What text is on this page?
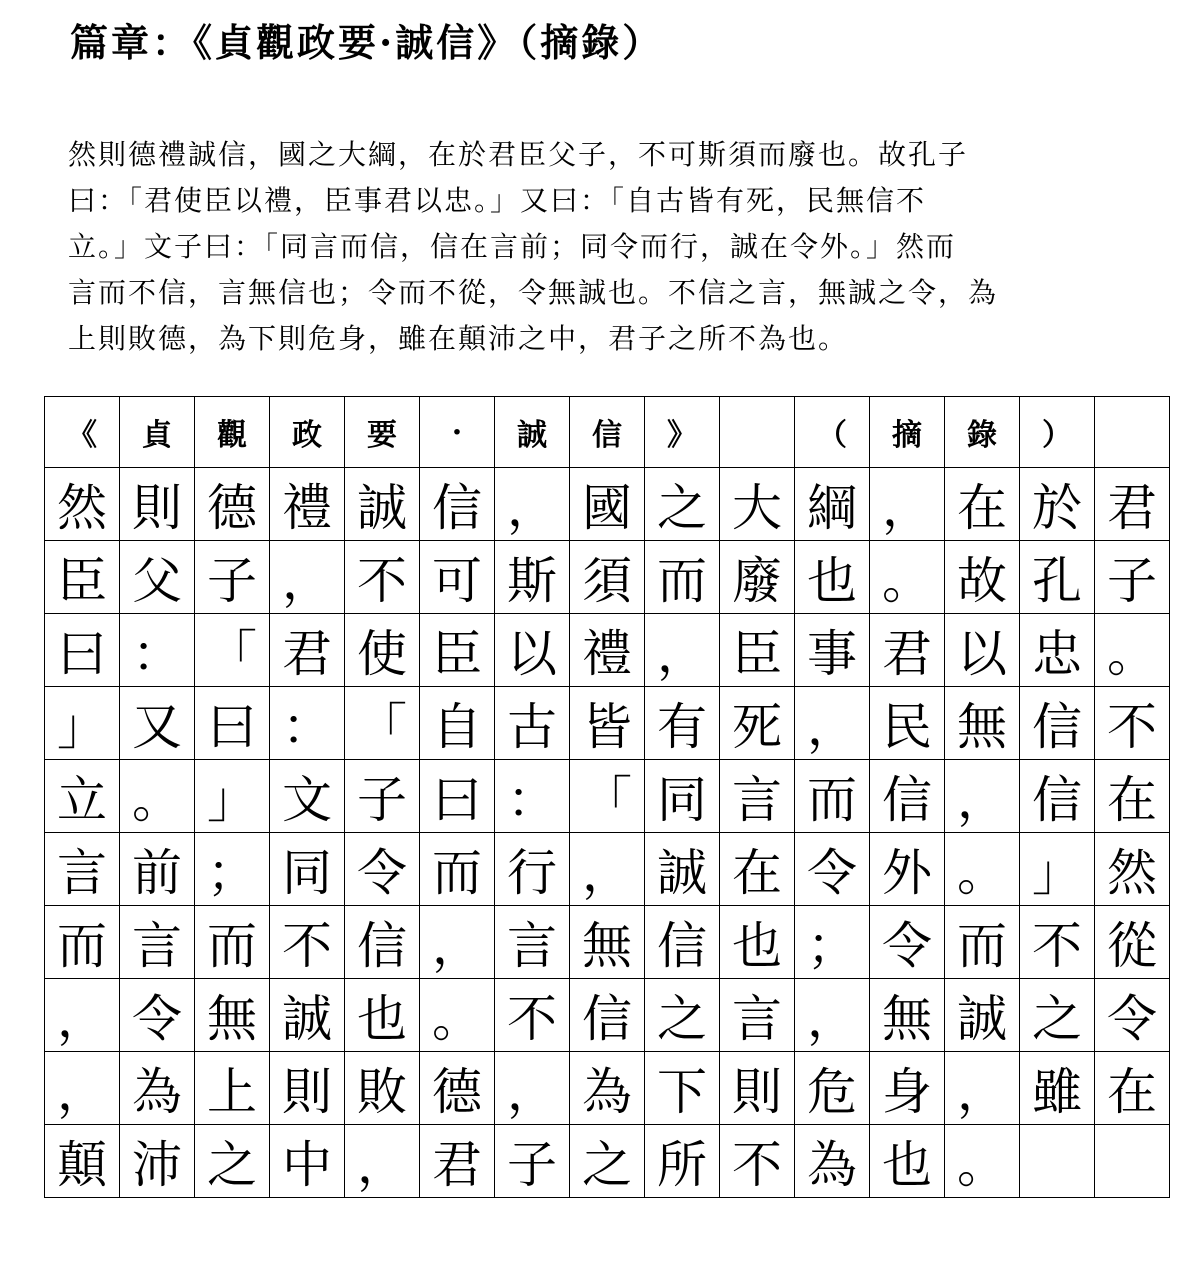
篇章：《貞觀政要·誠信》（摘錄）
然則德禮誠信，國之大綱，在於君臣父子，不可斯須而廢也。故孔子
曰：「君使臣以禮，臣事君以忠。」又曰：「自古皆有死，民無信不
立。」文子曰：「同言而信，信在言前；同令而行，誠在令外。」然而
言而不信，言無信也；令而不從，令無誠也。不信之言，無誠之令，為
上則敗德，為下則危身，雖在顛沛之中，君子之所不為也。
《	貞	觀	政	要	·	誠	信	》		（	摘	錄	）	
然	則	德	禮	誠	信	，	國	之	大	綱	，	在	於	君
臣	父	子	，	不	可	斯	須	而	廢	也	。	故	孔	子
曰	：	「	君	使	臣	以	禮	，	臣	事	君	以	忠	。
」	又	曰	：	「	自	古	皆	有	死	，	民	無	信	不
立	。	」	文	子	曰	：	「	同	言	而	信	，	信	在
言	前	；	同	令	而	行	，	誠	在	令	外	。	」	然
而	言	而	不	信	，	言	無	信	也	；	令	而	不	從
，	令	無	誠	也	。	不	信	之	言	，	無	誠	之	令
，	為	上	則	敗	德	，	為	下	則	危	身	，	雖	在
顛	沛	之	中	，	君	子	之	所	不	為	也	。		
